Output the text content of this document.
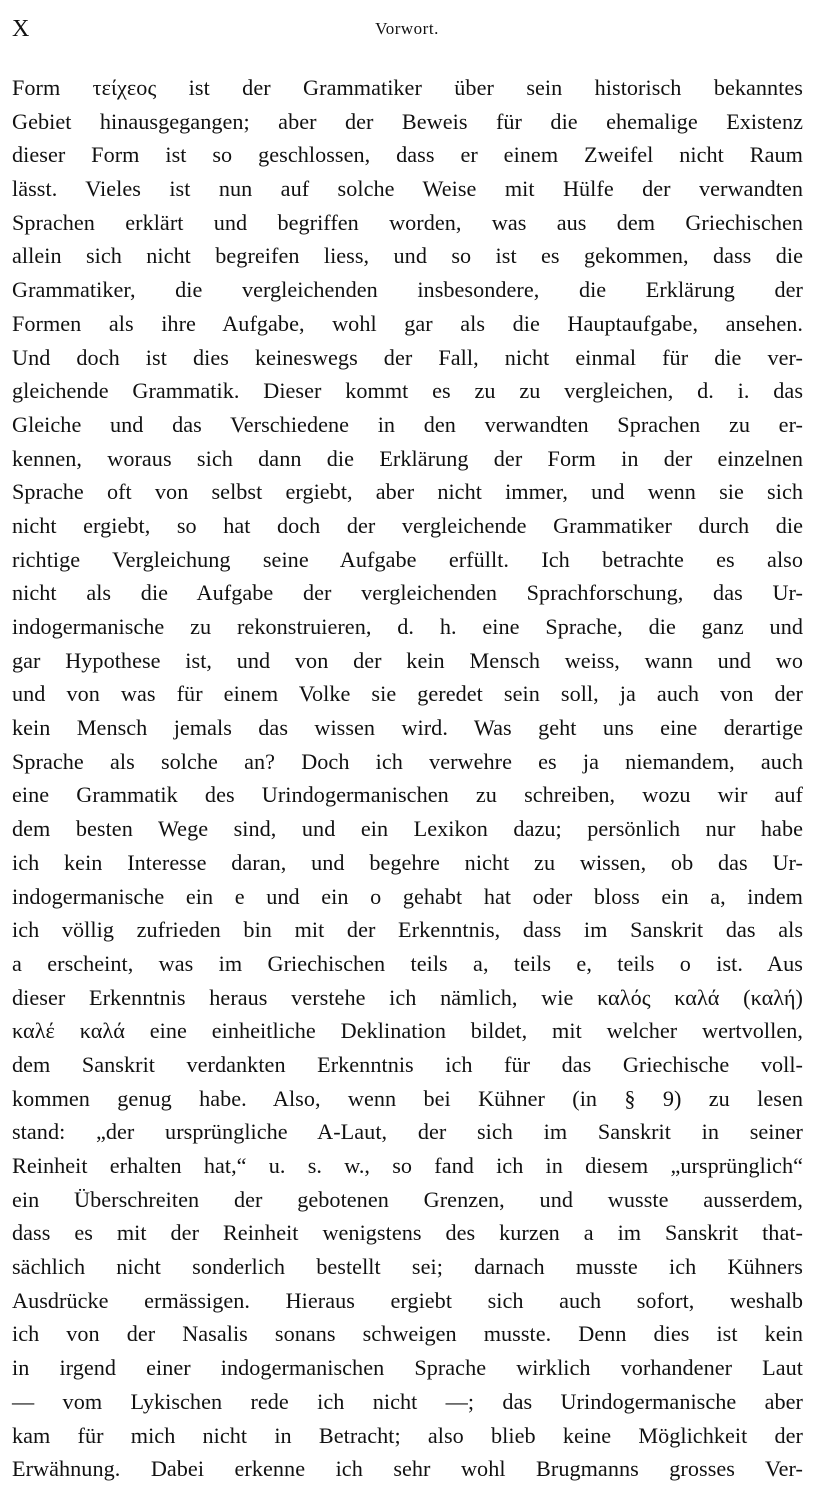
X	Vorwort.
Form τείχεος ist der Grammatiker über sein historisch bekanntes
Gebiet hinausgegangen; aber der Beweis für die ehemalige Existenz
dieser Form ist so geschlossen, dass er einem Zweifel nicht Raum
lässt. Vieles ist nun auf solche Weise mit Hülfe der verwandten
Sprachen erklärt und begriffen worden, was aus dem Griechischen
allein sich nicht begreifen liess, und so ist es gekommen, dass die
Grammatiker, die vergleichenden insbesondere, die Erklärung der
Formen als ihre Aufgabe, wohl gar als die Hauptaufgabe, ansehen.
Und doch ist dies keineswegs der Fall, nicht einmal für die ver-
gleichende Grammatik. Dieser kommt es zu zu vergleichen, d. i. das
Gleiche und das Verschiedene in den verwandten Sprachen zu er-
kennen, woraus sich dann die Erklärung der Form in der einzelnen
Sprache oft von selbst ergiebt, aber nicht immer, und wenn sie sich
nicht ergiebt, so hat doch der vergleichende Grammatiker durch die
richtige Vergleichung seine Aufgabe erfüllt. Ich betrachte es also
nicht als die Aufgabe der vergleichenden Sprachforschung, das Ur-
indogermanische zu rekonstruieren, d. h. eine Sprache, die ganz und
gar Hypothese ist, und von der kein Mensch weiss, wann und wo
und von was für einem Volke sie geredet sein soll, ja auch von der
kein Mensch jemals das wissen wird. Was geht uns eine derartige
Sprache als solche an? Doch ich verwehre es ja niemandem, auch
eine Grammatik des Urindogermanischen zu schreiben, wozu wir auf
dem besten Wege sind, und ein Lexikon dazu; persönlich nur habe
ich kein Interesse daran, und begehre nicht zu wissen, ob das Ur-
indogermanische ein e und ein o gehabt hat oder bloss ein a, indem
ich völlig zufrieden bin mit der Erkenntnis, dass im Sanskrit das als
a erscheint, was im Griechischen teils a, teils e, teils o ist. Aus
dieser Erkenntnis heraus verstehe ich nämlich, wie καλός καλά (καλή)
καλέ καλά eine einheitliche Deklination bildet, mit welcher wertvollen,
dem Sanskrit verdankten Erkenntnis ich für das Griechische voll-
kommen genug habe. Also, wenn bei Kühner (in § 9) zu lesen
stand: „der ursprüngliche A-Laut, der sich im Sanskrit in seiner
Reinheit erhalten hat,“ u. s. w., so fand ich in diesem „ursprünglich“
ein Überschreiten der gebotenen Grenzen, und wusste ausserdem,
dass es mit der Reinheit wenigstens des kurzen a im Sanskrit that-
sächlich nicht sonderlich bestellt sei; darnach musste ich Kühners
Ausdrücke ermässigen. Hieraus ergiebt sich auch sofort, weshalb
ich von der Nasalis sonans schweigen musste. Denn dies ist kein
in irgend einer indogermanischen Sprache wirklich vorhandener Laut
— vom Lykischen rede ich nicht —; das Urindogermanische aber
kam für mich nicht in Betracht; also blieb keine Möglichkeit der
Erwähnung. Dabei erkenne ich sehr wohl Brugmanns grosses Ver-
